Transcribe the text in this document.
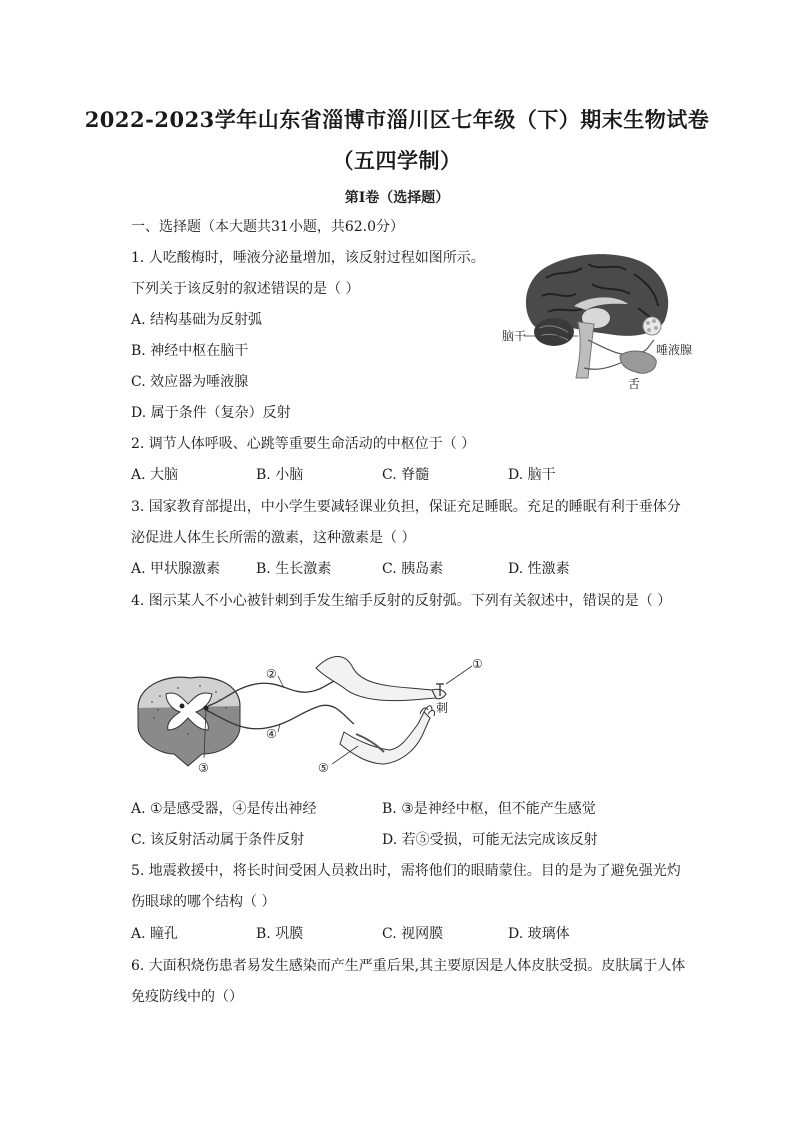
2022-2023学年山东省淄博市淄川区七年级（下）期末生物试卷
（五四学制）
第I卷（选择题）
一、选择题（本大题共31小题，共62.0分）
1. 人吃酸梅时，唾液分泌量增加，该反射过程如图所示。
下列关于该反射的叙述错误的是（ ）
A. 结构基础为反射弧
B. 神经中枢在脑干
C. 效应器为唾液腺
D. 属于条件（复杂）反射
脑干
唾液腺
舌
2. 调节人体呼吸、心跳等重要生命活动的中枢位于（ ）
A. 大脑	B. 小脑	C. 脊髓	D. 脑干
3. 国家教育部提出，中小学生要减轻课业负担，保证充足睡眠。充足的睡眠有利于垂体分
泌促进人体生长所需的激素，这种激素是（ ）
A. 甲状腺激素	B. 生长激素	C. 胰岛素	D. 性激素
4. 图示某人不小心被针刺到手发生缩手反射的反射弧。下列有关叙述中，错误的是（ ）
②
④
③	⑤
①
刺
A. ①是感受器，④是传出神经	B. ③是神经中枢，但不能产生感觉
C. 该反射活动属于条件反射	D. 若⑤受损，可能无法完成该反射
5. 地震救援中，将长时间受困人员救出时，需将他们的眼睛蒙住。目的是为了避免强光灼
伤眼球的哪个结构（ ）
A. 瞳孔	B. 巩膜	C. 视网膜	D. 玻璃体
6. 大面积烧伤患者易发生感染而产生严重后果,其主要原因是人体皮肤受损。皮肤属于人体
免疫防线中的（）
